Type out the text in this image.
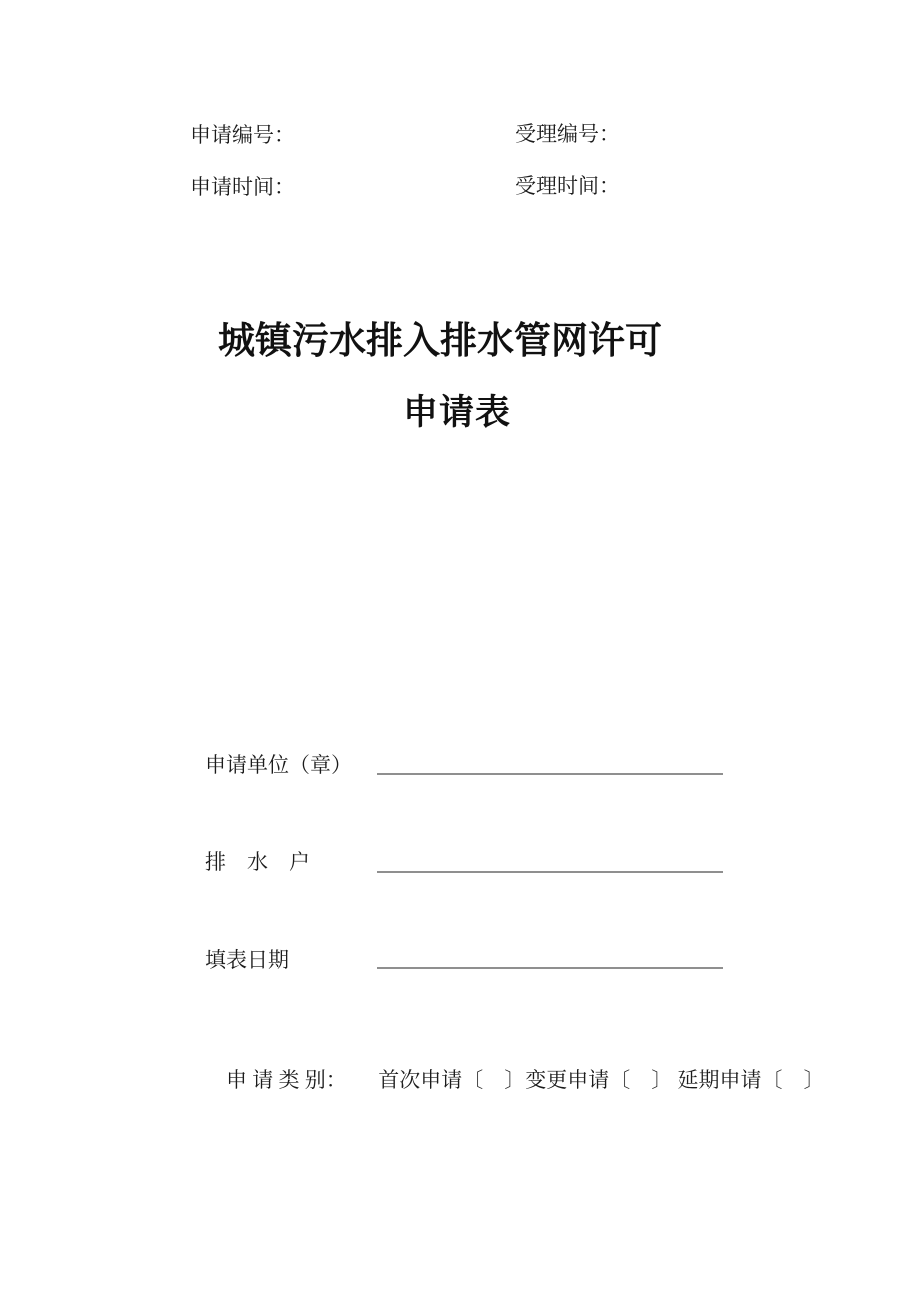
申请编号：	受理编号：
申请时间：	受理时间：
城镇污水排入排水管网许可
申请表
申请单位（章）
排　水　户
填表日期

申 请 类 别：　　 首次申请〔　〕变更申请〔　〕 延期申请〔　〕
